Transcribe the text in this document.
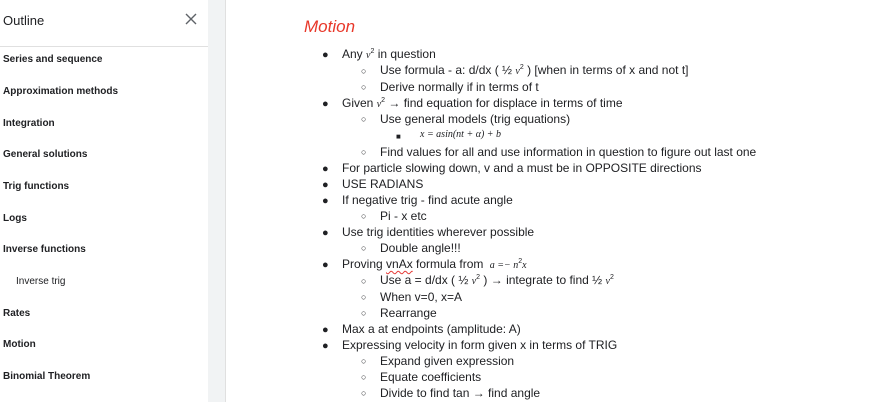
Outline
Series and sequence
Approximation methods
Integration
General solutions
Trig functions
Logs
Inverse functions
Inverse trig
Rates
Motion
Binomial Theorem
Motion
● Any $v^2$ in question
○ Use formula - a: d/dx ( ½ $v^2$ ) [when in terms of x and not t]
○ Derive normally if in terms of t
● Given $v^2$ → find equation for displace in terms of time
○ Use general models (trig equations)
■ x = asin(nt + α) + b
○ Find values for all and use information in question to figure out last one
● For particle slowing down, v and a must be in OPPOSITE directions
● USE RADIANS
● If negative trig - find acute angle
○ Pi - x etc
● Use trig identities wherever possible
○ Double angle!!!
● Proving vnAx formula from $a =- n^2x$
○ Use a = d/dx ( ½ $v^2$ ) → integrate to find ½ $v^2$
○ When v=0, x=A
○ Rearrange
● Max a at endpoints (amplitude: A)
● Expressing velocity in form given x in terms of TRIG
○ Expand given expression
○ Equate coefficients
○ Divide to find tan → find angle
